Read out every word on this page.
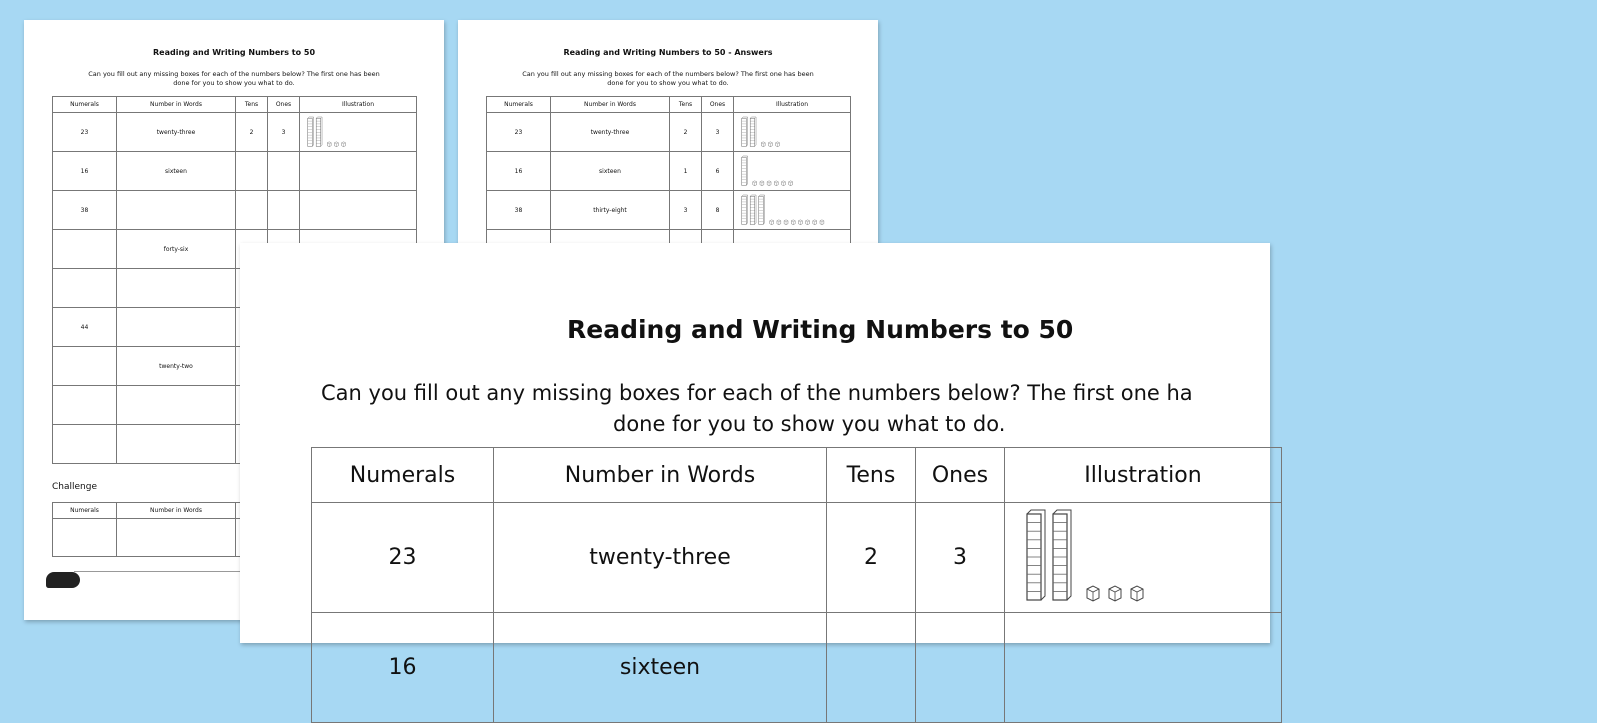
Reading and Writing Numbers to 50
Can you fill out any missing boxes for each of the numbers below? The first one has been
done for you to show you what to do.
Numerals	Number in Words	Tens	Ones	Illustration
23	twenty-three	2	3	

16	sixteen			
38				
	forty-six			

44				
	twenty-two			

Challenge
Numerals	Number in Words	

Reading and Writing Numbers to 50 - Answers
Can you fill out any missing boxes for each of the numbers below? The first one has been
done for you to show you what to do.
Numerals	Number in Words	Tens	Ones	Illustration
23	twenty-three	2	3	

16	sixteen	1	6	

38	thirty-eight	3	8	

Reading and Writing Numbers to 50
Can you fill out any missing boxes for each of the numbers below? The first one ha
done for you to show you what to do.
Numerals	Number in Words	Tens	Ones	Illustration
23	twenty-three	2	3	

16	sixteen			
